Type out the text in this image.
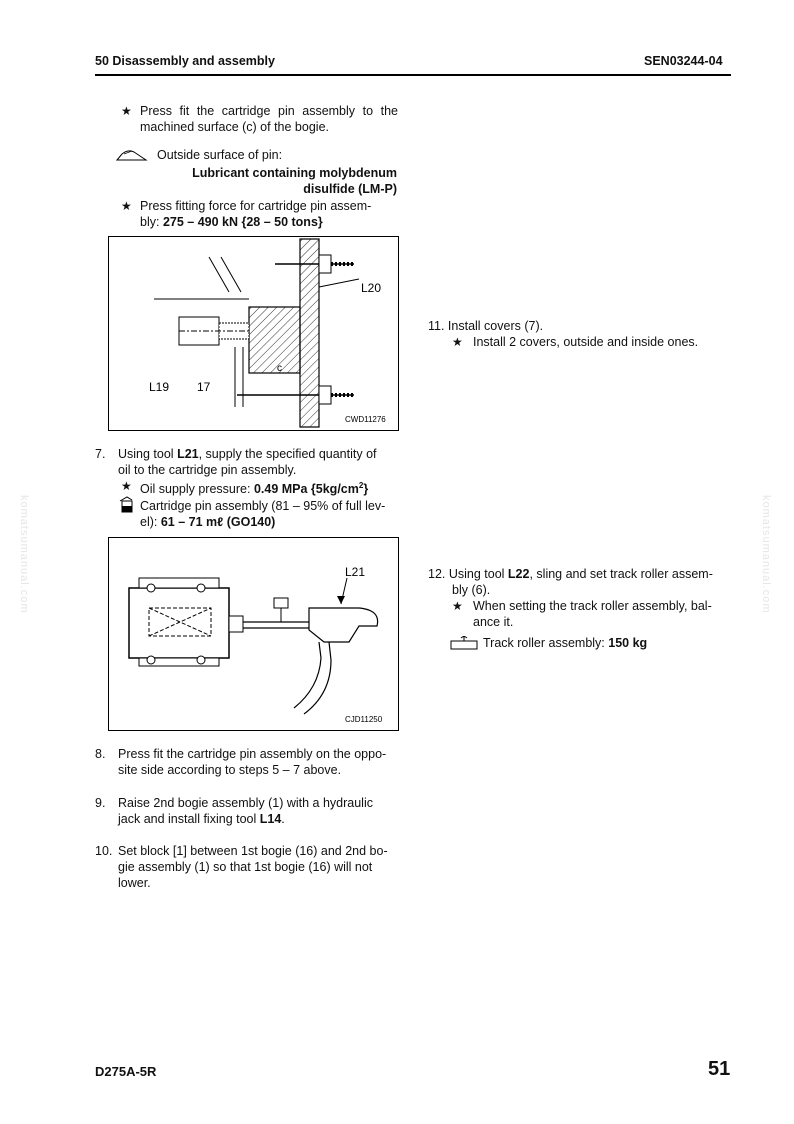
50 Disassembly and assembly	SEN03244-04
komatsumanual.com	komatsumanual.com
★ Press fit the cartridge pin assembly to the machined surface (c) of the bogie.
Outside surface of pin:
Lubricant containing molybdenum
disulfide (LM-P)
★ Press fitting force for cartridge pin assem-
bly: 275 – 490 kN {28 – 50 tons}
L20
L19 17
c
CWD11276
7. Using tool L21, supply the specified quantity of
oil to the cartridge pin assembly.
★ Oil supply pressure: 0.49 MPa $\{5kg/cm^2\}$
Cartridge pin assembly (81 – 95% of full lev-
el): 61 – 71 mℓ (GO140)
L21
CJD11250
8. Press fit the cartridge pin assembly on the oppo-
site side according to steps 5 – 7 above.
9. Raise 2nd bogie assembly (1) with a hydraulic
jack and install fixing tool L14.
10. Set block [1] between 1st bogie (16) and 2nd bo-
gie assembly (1) so that 1st bogie (16) will not
lower.
11. Install covers (7).
★ Install 2 covers, outside and inside ones.
12. Using tool L22, sling and set track roller assem-
bly (6).
★ When setting the track roller assembly, bal-
ance it.
Track roller assembly: 150 kg
D275A-5R	51
